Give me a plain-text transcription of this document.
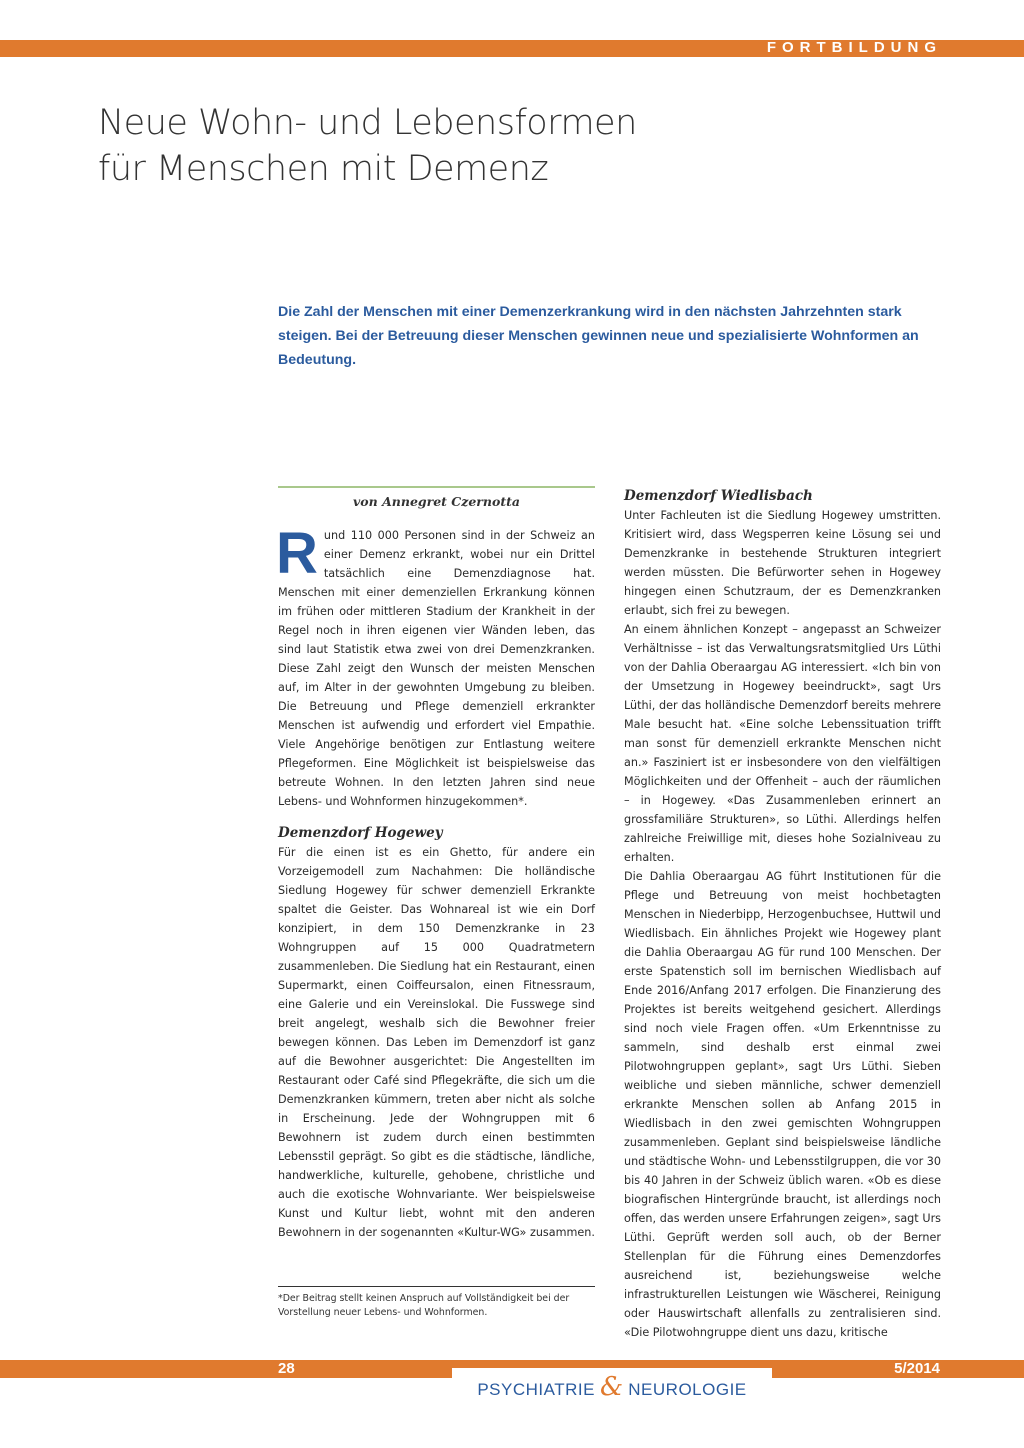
FORTBILDUNG
Neue Wohn- und Lebensformen
für Menschen mit Demenz

Die Zahl der Menschen mit einer Demenzerkrankung wird in den nächsten Jahrzehnten stark steigen. Bei der Betreuung dieser Menschen gewinnen neue und spezialisierte Wohnformen an Bedeutung.

von Annegret Czernotta

Rund 110 000 Personen sind in der Schweiz an einer Demenz erkrankt, wobei nur ein Drittel tatsächlich eine Demenzdiagnose hat. Menschen mit einer demenziellen Erkrankung können im frühen oder mittleren Stadium der Krankheit in der Regel noch in ihren eigenen vier Wänden leben, das sind laut Statistik etwa zwei von drei Demenzkranken. Diese Zahl zeigt den Wunsch der meisten Menschen auf, im Alter in der gewohnten Umgebung zu bleiben. Die Betreuung und Pflege demenziell erkrankter Menschen ist aufwendig und erfordert viel Empathie. Viele Angehörige benötigen zur Entlastung weitere Pflegeformen. Eine Möglichkeit ist beispielsweise das betreute Wohnen. In den letzten Jahren sind neue Lebens- und Wohnformen hinzugekommen*.

Demenzdorf Hogewey

Für die einen ist es ein Ghetto, für andere ein Vorzeigemodell zum Nachahmen: Die holländische Siedlung Hogewey für schwer demenziell Erkrankte spaltet die Geister. Das Wohnareal ist wie ein Dorf konzipiert, in dem 150 Demenzkranke in 23 Wohngruppen auf 15 000 Quadratmetern zusammenleben. Die Siedlung hat ein Restaurant, einen Supermarkt, einen Coiffeursalon, einen Fitnessraum, eine Galerie und ein Vereinslokal. Die Fusswege sind breit angelegt, weshalb sich die Bewohner freier bewegen können. Das Leben im Demenzdorf ist ganz auf die Bewohner ausgerichtet: Die Angestellten im Restaurant oder Café sind Pflegekräfte, die sich um die Demenzkranken kümmern, treten aber nicht als solche in Erscheinung. Jede der Wohngruppen mit 6 Bewohnern ist zudem durch einen bestimmten Lebensstil geprägt. So gibt es die städtische, ländliche, handwerkliche, kulturelle, gehobene, christliche und auch die exotische Wohnvariante. Wer beispielsweise Kunst und Kultur liebt, wohnt mit den anderen Bewohnern in der sogenannten «Kultur-WG» zusammen.

*Der Beitrag stellt keinen Anspruch auf Vollständigkeit bei der Vorstellung neuer Lebens- und Wohnformen.
Demenzdorf Wiedlisbach

Unter Fachleuten ist die Siedlung Hogewey umstritten. Kritisiert wird, dass Wegsperren keine Lösung sei und Demenzkranke in bestehende Strukturen integriert werden müssten. Die Befürworter sehen in Hogewey hingegen einen Schutzraum, der es Demenzkranken erlaubt, sich frei zu bewegen.

An einem ähnlichen Konzept – angepasst an Schweizer Verhältnisse – ist das Verwaltungsratsmitglied Urs Lüthi von der Dahlia Oberaargau AG interessiert. «Ich bin von der Umsetzung in Hogewey beeindruckt», sagt Urs Lüthi, der das holländische Demenzdorf bereits mehrere Male besucht hat. «Eine solche Lebenssituation trifft man sonst für demenziell erkrankte Menschen nicht an.» Fasziniert ist er insbesondere von den vielfältigen Möglichkeiten und der Offenheit – auch der räumlichen – in Hogewey. «Das Zusammenleben erinnert an grossfamiliäre Strukturen», so Lüthi. Allerdings helfen zahlreiche Freiwillige mit, dieses hohe Sozialniveau zu erhalten.

Die Dahlia Oberaargau AG führt Institutionen für die Pflege und Betreuung von meist hochbetagten Menschen in Niederbipp, Herzogenbuchsee, Huttwil und Wiedlisbach. Ein ähnliches Projekt wie Hogewey plant die Dahlia Oberaargau AG für rund 100 Menschen. Der erste Spatenstich soll im bernischen Wiedlisbach auf Ende 2016/Anfang 2017 erfolgen. Die Finanzierung des Projektes ist bereits weitgehend gesichert. Allerdings sind noch viele Fragen offen. «Um Erkenntnisse zu sammeln, sind deshalb erst einmal zwei Pilotwohngruppen geplant», sagt Urs Lüthi. Sieben weibliche und sieben männliche, schwer demenziell erkrankte Menschen sollen ab Anfang 2015 in Wiedlisbach in den zwei gemischten Wohngruppen zusammenleben. Geplant sind beispielsweise ländliche und städtische Wohn- und Lebensstilgruppen, die vor 30 bis 40 Jahren in der Schweiz üblich waren. «Ob es diese biografischen Hintergründe braucht, ist allerdings noch offen, das werden unsere Erfahrungen zeigen», sagt Urs Lüthi. Geprüft werden soll auch, ob der Berner Stellenplan für die Führung eines Demenzdorfes ausreichend ist, beziehungsweise welche infrastrukturellen Leistungen wie Wäscherei, Reinigung oder Hauswirtschaft allenfalls zu zentralisieren sind. «Die Pilotwohngruppe dient uns dazu, kritische

28	5/2014
PSYCHIATRIE & NEUROLOGIE
